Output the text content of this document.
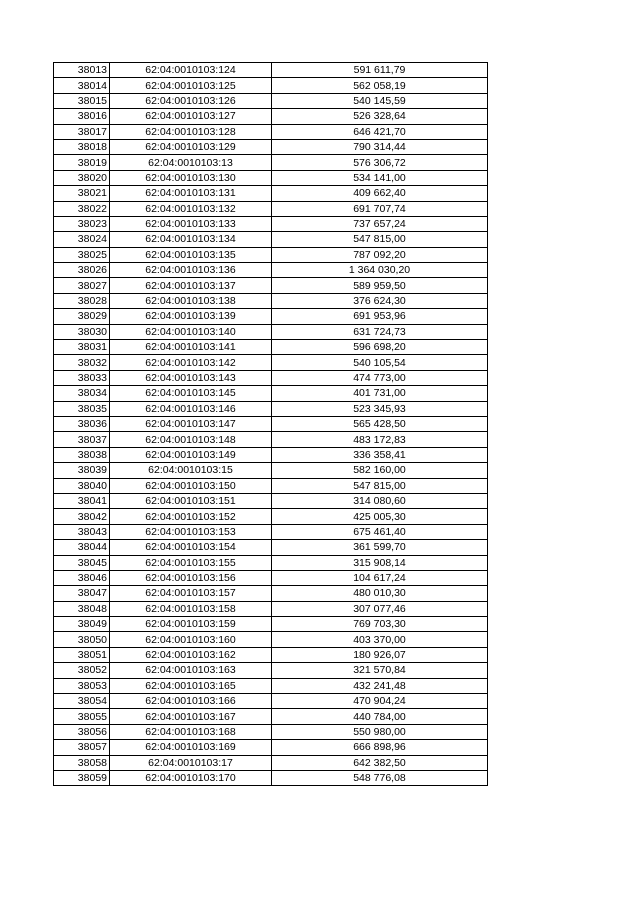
38013	62:04:0010103:124	591 611,79
38014	62:04:0010103:125	562 058,19
38015	62:04:0010103:126	540 145,59
38016	62:04:0010103:127	526 328,64
38017	62:04:0010103:128	646 421,70
38018	62:04:0010103:129	790 314,44
38019	62:04:0010103:13	576 306,72
38020	62:04:0010103:130	534 141,00
38021	62:04:0010103:131	409 662,40
38022	62:04:0010103:132	691 707,74
38023	62:04:0010103:133	737 657,24
38024	62:04:0010103:134	547 815,00
38025	62:04:0010103:135	787 092,20
38026	62:04:0010103:136	1 364 030,20
38027	62:04:0010103:137	589 959,50
38028	62:04:0010103:138	376 624,30
38029	62:04:0010103:139	691 953,96
38030	62:04:0010103:140	631 724,73
38031	62:04:0010103:141	596 698,20
38032	62:04:0010103:142	540 105,54
38033	62:04:0010103:143	474 773,00
38034	62:04:0010103:145	401 731,00
38035	62:04:0010103:146	523 345,93
38036	62:04:0010103:147	565 428,50
38037	62:04:0010103:148	483 172,83
38038	62:04:0010103:149	336 358,41
38039	62:04:0010103:15	582 160,00
38040	62:04:0010103:150	547 815,00
38041	62:04:0010103:151	314 080,60
38042	62:04:0010103:152	425 005,30
38043	62:04:0010103:153	675 461,40
38044	62:04:0010103:154	361 599,70
38045	62:04:0010103:155	315 908,14
38046	62:04:0010103:156	104 617,24
38047	62:04:0010103:157	480 010,30
38048	62:04:0010103:158	307 077,46
38049	62:04:0010103:159	769 703,30
38050	62:04:0010103:160	403 370,00
38051	62:04:0010103:162	180 926,07
38052	62:04:0010103:163	321 570,84
38053	62:04:0010103:165	432 241,48
38054	62:04:0010103:166	470 904,24
38055	62:04:0010103:167	440 784,00
38056	62:04:0010103:168	550 980,00
38057	62:04:0010103:169	666 898,96
38058	62:04:0010103:17	642 382,50
38059	62:04:0010103:170	548 776,08
